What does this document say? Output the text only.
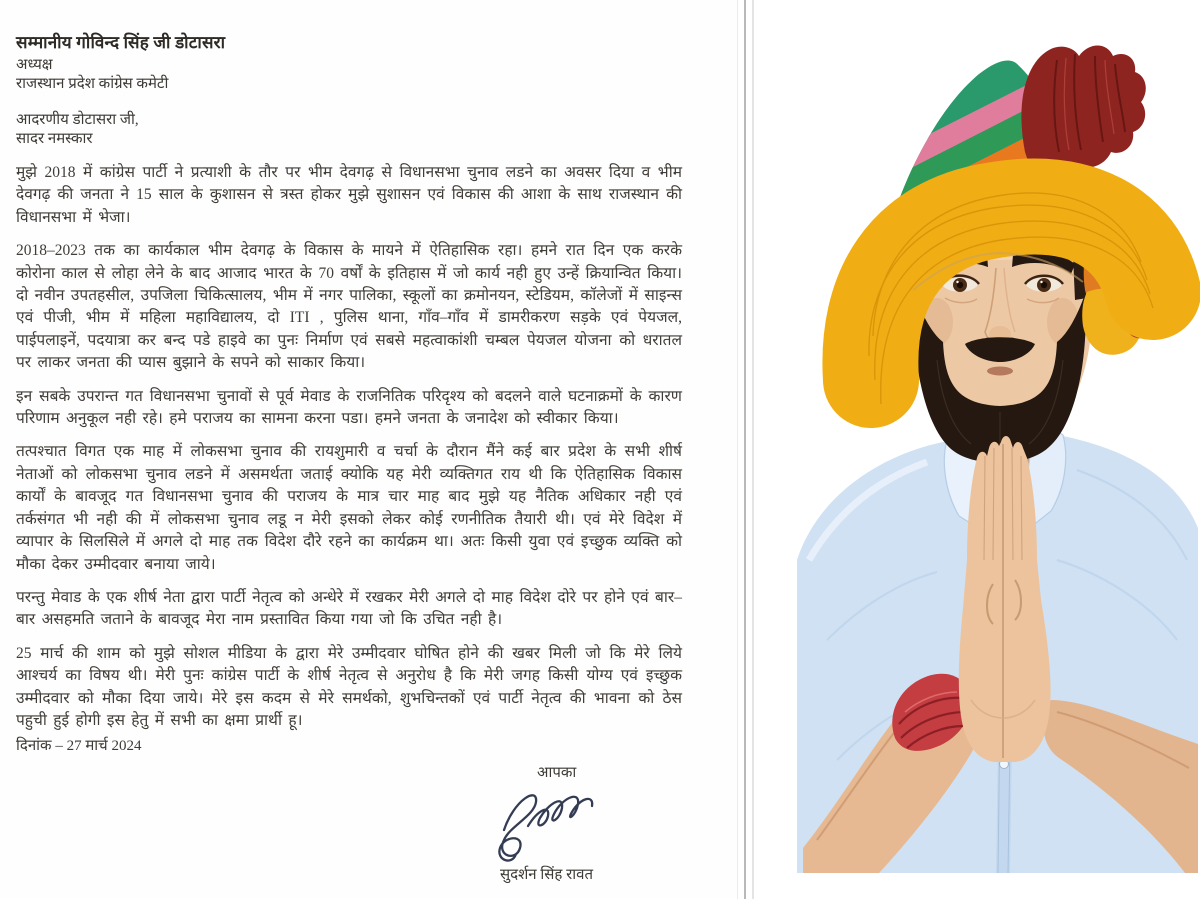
सम्मानीय गोविन्द सिंह जी डोटासरा

अध्यक्ष

राजस्थान प्रदेश कांग्रेस कमेटी

आदरणीय डोटासरा जी,

सादर नमस्कार

मुझे 2018 में कांग्रेस पार्टी ने प्रत्याशी के तौर पर भीम देवगढ़ से विधानसभा चुनाव लडने का अवसर दिया व भीम देवगढ़ की जनता ने 15 साल के कुशासन से त्रस्त होकर मुझे सुशासन एवं विकास की आशा के साथ राजस्थान की विधानसभा में भेजा।

2018–2023 तक का कार्यकाल भीम देवगढ़ के विकास के मायने में ऐतिहासिक रहा। हमने रात दिन एक करके कोरोना काल से लोहा लेने के बाद आजाद भारत के 70 वर्षों के इतिहास में जो कार्य नही हुए उन्हें क्रियान्वित किया। दो नवीन उपतहसील, उपजिला चिकित्सालय, भीम में नगर पालिका, स्कूलों का क्रमोनयन, स्टेडियम, कॉलेजों में साइन्स एवं पीजी, भीम में महिला महाविद्यालय, दो ITI , पुलिस थाना, गाँव–गाँव में डामरीकरण सड़के एवं पेयजल, पाईपलाइनें, पदयात्रा कर बन्द पडे हाइवे का पुनः निर्माण एवं सबसे महत्वाकांशी चम्बल पेयजल योजना को धरातल पर लाकर जनता की प्यास बुझाने के सपने को साकार किया।

इन सबके उपरान्त गत विधानसभा चुनावों से पूर्व मेवाड के राजनितिक परिदृश्य को बदलने वाले घटनाक्रमों के कारण परिणाम अनुकूल नही रहे। हमे पराजय का सामना करना पडा। हमने जनता के जनादेश को स्वीकार किया।

तत्पश्चात विगत एक माह में लोकसभा चुनाव की रायशुमारी व चर्चा के दौरान मैंने कई बार प्रदेश के सभी शीर्ष नेताओं को लोकसभा चुनाव लडने में असमर्थता जताई क्योकि यह मेरी व्यक्तिगत राय थी कि ऐतिहासिक विकास कार्यों के बावजूद गत विधानसभा चुनाव की पराजय के मात्र चार माह बाद मुझे यह नैतिक अधिकार नही एवं तर्कसंगत भी नही की में लोकसभा चुनाव लडू न मेरी इसको लेकर कोई रणनीतिक तैयारी थी। एवं मेरे विदेश में व्यापार के सिलसिले में अगले दो माह तक विदेश दौरे रहने का कार्यक्रम था। अतः किसी युवा एवं इच्छुक व्यक्ति को मौका देकर उम्मीदवार बनाया जाये।

परन्तु मेवाड के एक शीर्ष नेता द्वारा पार्टी नेतृत्व को अन्धेरे में रखकर मेरी अगले दो माह विदेश दोरे पर होने एवं बार–बार असहमति जताने के बावजूद मेरा नाम प्रस्तावित किया गया जो कि उचित नही है।

25 मार्च की शाम को मुझे सोशल मीडिया के द्वारा मेरे उम्मीदवार घोषित होने की खबर मिली जो कि मेरे लिये आश्चर्य का विषय थी। मेरी पुनः कांग्रेस पार्टी के शीर्ष नेतृत्व से अनुरोध है कि मेरी जगह किसी योग्य एवं इच्छुक उम्मीदवार को मौका दिया जाये। मेरे इस कदम से मेरे समर्थको, शुभचिन्तकों एवं पार्टी नेतृत्व की भावना को ठेस पहुची हुई होगी इस हेतु में सभी का क्षमा प्रार्थी हू।

दिनांक – 27 मार्च 2024
आपका
सुदर्शन सिंह रावत
